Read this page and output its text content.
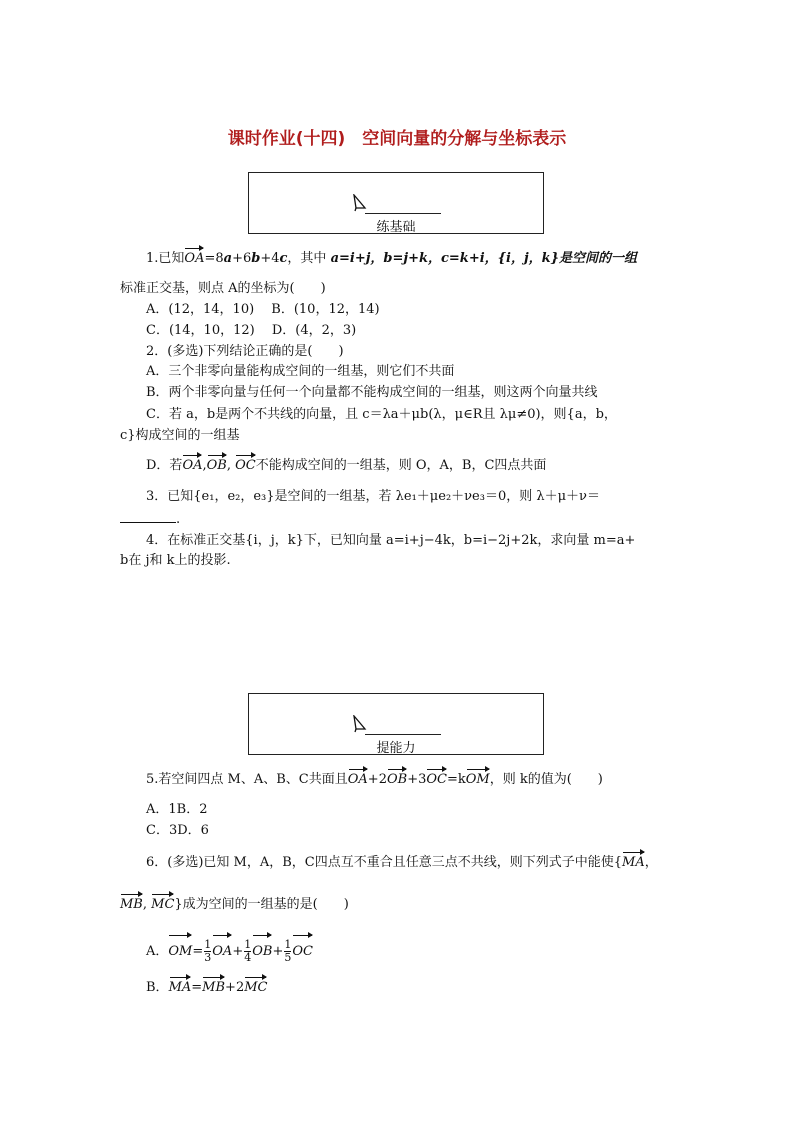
课时作业(十四)　空间向量的分解与坐标表示
练基础
1.已知OA=8a+6b+4c，其中 a=i+j，b=j+k，c=k+i，{i，j，k}是空间的一组
标准正交基，则点 A的坐标为(　　)
A．(12，14，10)　 B．(10，12，14)
C．(14，10，12)　 D．(4，2，3)
2．(多选)下列结论正确的是(　　)
A．三个非零向量能构成空间的一组基，则它们不共面
B．两个非零向量与任何一个向量都不能构成空间的一组基，则这两个向量共线
C．若 a，b是两个不共线的向量，且 c＝λa＋μb(λ，μ∈R且 λμ≠0)，则{a，b，
c}构成空间的一组基
D．若OA,OB, OC不能构成空间的一组基，则 O，A，B，C四点共面
3．已知{e₁，e₂，e₃}是空间的一组基，若 λe₁＋μe₂＋νe₃＝0，则 λ＋μ＋ν＝
.
4．在标准正交基{i，j，k}下，已知向量 a=i+j−4k，b=i−2j+2k，求向量 m=a+
b在 j和 k上的投影.
提能力
5.若空间四点 M、A、B、C共面且OA+2OB+3OC=kOM，则 k的值为(　　)
A．1B．2
C．3D．6
6．(多选)已知 M，A，B，C四点互不重合且任意三点不共线，则下列式子中能使{MA，
MB, MC}成为空间的一组基的是(　　)
A．$OM= \frac{1}{3} OA+ \frac{1}{4} OB+ \frac{1}{5}$ OC
B．MA=MB+2MC
